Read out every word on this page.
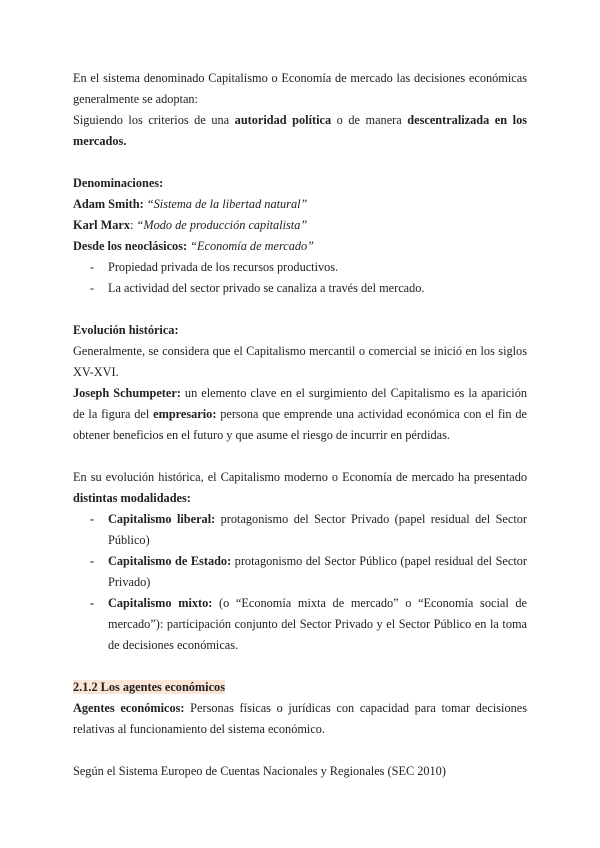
En el sistema denominado Capitalismo o Economía de mercado las decisiones económicas generalmente se adoptan:

Siguiendo los criterios de una autoridad política o de manera descentralizada en los mercados.

Denominaciones:

Adam Smith: “Sistema de la libertad natural”

Karl Marx: “Modo de producción capitalista”

Desde los neoclásicos: “Economía de mercado”

- Propiedad privada de los recursos productivos.
- La actividad del sector privado se canaliza a través del mercado.

Evolución histórica:

Generalmente, se considera que el Capitalismo mercantil o comercial se inició en los siglos XV-XVI.

Joseph Schumpeter: un elemento clave en el surgimiento del Capitalismo es la aparición de la figura del empresario: persona que emprende una actividad económica con el fin de obtener beneficios en el futuro y que asume el riesgo de incurrir en pérdidas.

En su evolución histórica, el Capitalismo moderno o Economía de mercado ha presentado distintas modalidades:

- Capitalismo liberal: protagonismo del Sector Privado (papel residual del Sector Público)
- Capitalismo de Estado: protagonismo del Sector Público (papel residual del Sector Privado)
- Capitalismo mixto: (o “Economía mixta de mercado” o “Economía social de mercado”): participación conjunto del Sector Privado y el Sector Público en la toma de decisiones económicas.

2.1.2 Los agentes económicos

Agentes económicos: Personas físicas o jurídicas con capacidad para tomar decisiones relativas al funcionamiento del sistema económico.

Según el Sistema Europeo de Cuentas Nacionales y Regionales (SEC 2010)
